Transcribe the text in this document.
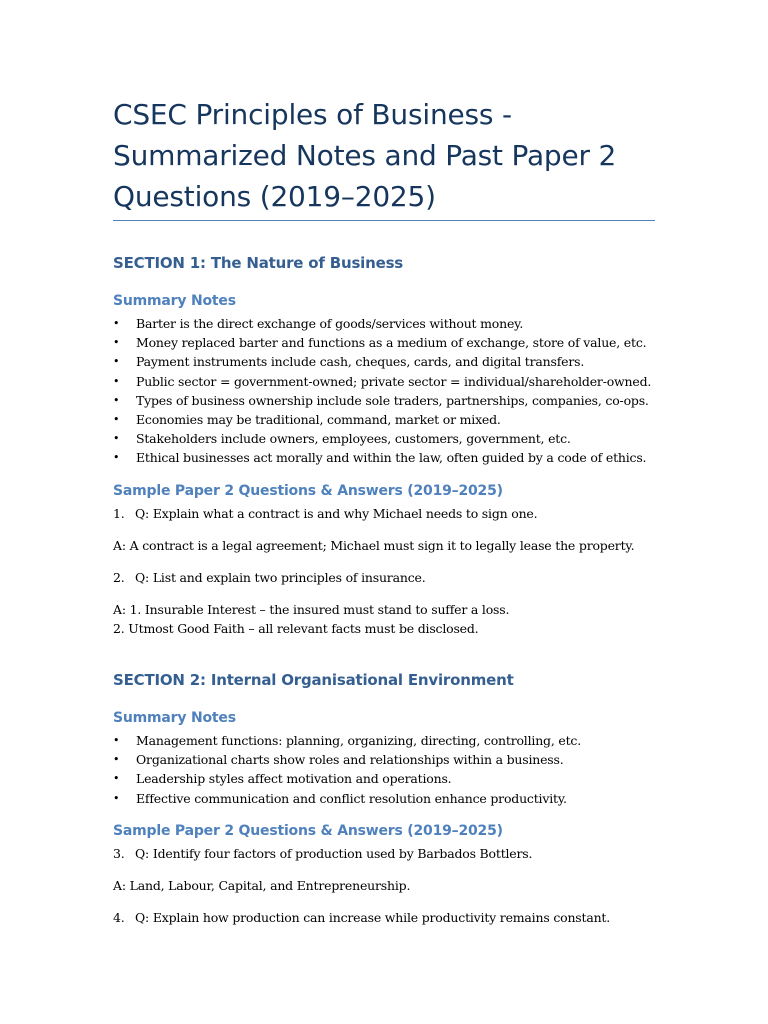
CSEC Principles of Business - Summarized Notes and Past Paper 2 Questions (2019–2025)
SECTION 1: The Nature of Business
Summary Notes
• Barter is the direct exchange of goods/services without money.
• Money replaced barter and functions as a medium of exchange, store of value, etc.
• Payment instruments include cash, cheques, cards, and digital transfers.
• Public sector = government-owned; private sector = individual/shareholder-owned.
• Types of business ownership include sole traders, partnerships, companies, co-ops.
• Economies may be traditional, command, market or mixed.
• Stakeholders include owners, employees, customers, government, etc.
• Ethical businesses act morally and within the law, often guided by a code of ethics.
Sample Paper 2 Questions & Answers (2019–2025)
1. Q: Explain what a contract is and why Michael needs to sign one.
A: A contract is a legal agreement; Michael must sign it to legally lease the property.
2. Q: List and explain two principles of insurance.
A: 1. Insurable Interest – the insured must stand to suffer a loss.
2. Utmost Good Faith – all relevant facts must be disclosed.
SECTION 2: Internal Organisational Environment
Summary Notes
• Management functions: planning, organizing, directing, controlling, etc.
• Organizational charts show roles and relationships within a business.
• Leadership styles affect motivation and operations.
• Effective communication and conflict resolution enhance productivity.
Sample Paper 2 Questions & Answers (2019–2025)
3. Q: Identify four factors of production used by Barbados Bottlers.
A: Land, Labour, Capital, and Entrepreneurship.
4. Q: Explain how production can increase while productivity remains constant.
